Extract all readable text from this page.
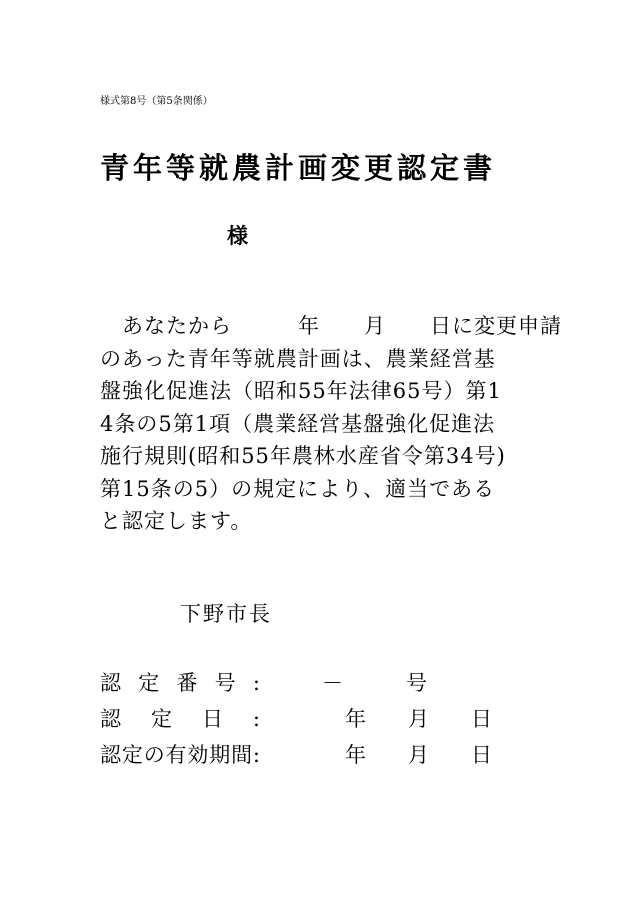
様式第8号（第5条関係）
青年等就農計画変更認定書
様
　あなたから　　　年　　月　　日に変更申請
のあった青年等就農計画は、農業経営基
盤強化促進法（昭和55年法律65号）第1
4条の5第1項（農業経営基盤強化促進法
施行規則(昭和55年農林水産省令第34号)
第15条の5）の規定により、適当である
と認定します。
下野市長
認 定 番 号 :	－　　　号
認 定 日 :	年　　月　　日
認 定 の 有 効 期 間 :	年　　月　　日
